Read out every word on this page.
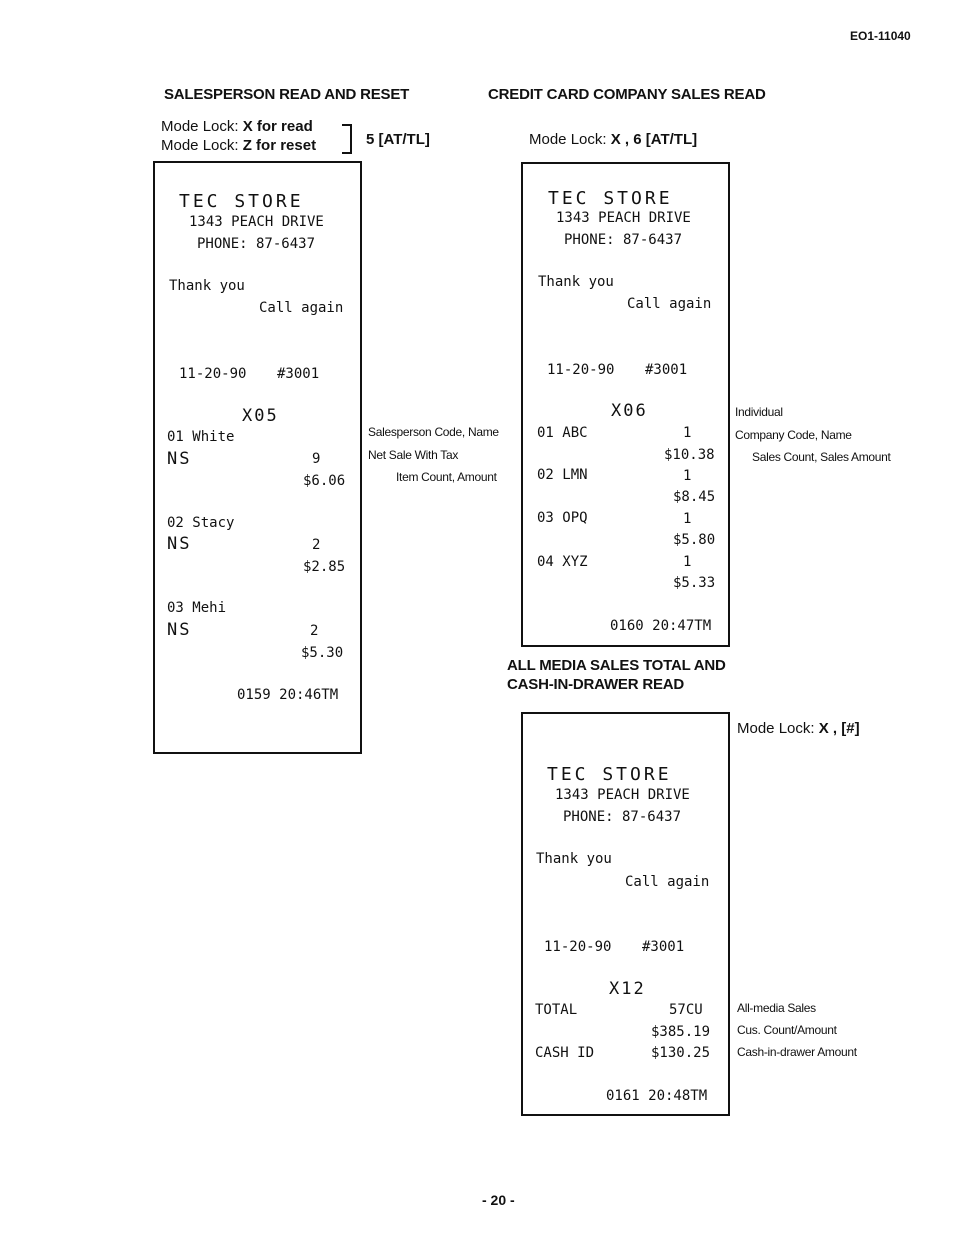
EO1-11040
SALESPERSON READ AND RESET
Mode Lock: X for read
Mode Lock: Z for reset	5 [AT/TL]
TEC STORE
1343 PEACH DRIVE
PHONE: 87-6437
Thank you
Call again
11-20-90 #3001
X05
01 White
NS	9
$6.06
02 Stacy
NS	2
$2.85
03 Mehi
NS	2
$5.30
0159 20:46TM
Salesperson Code, Name
Net Sale With Tax
Item Count, Amount
CREDIT CARD COMPANY SALES READ
Mode Lock: X , 6 [AT/TL]
TEC STORE
1343 PEACH DRIVE
PHONE: 87-6437
Thank you
Call again
11-20-90 #3001
X06
01 ABC	1
$10.38
02 LMN	1
$8.45
03 OPQ	1
$5.80
04 XYZ	1
$5.33
0160 20:47TM
Individual
Company Code, Name
Sales Count, Sales Amount
ALL MEDIA SALES TOTAL AND
CASH-IN-DRAWER READ
TEC STORE
1343 PEACH DRIVE
PHONE: 87-6437
Thank you
Call again
11-20-90 #3001
X12
TOTAL	57CU
$385.19
CASH ID	$130.25
0161 20:48TM
Mode Lock: X , [#]
All-media Sales
Cus. Count/Amount
Cash-in-drawer Amount
- 20 -
